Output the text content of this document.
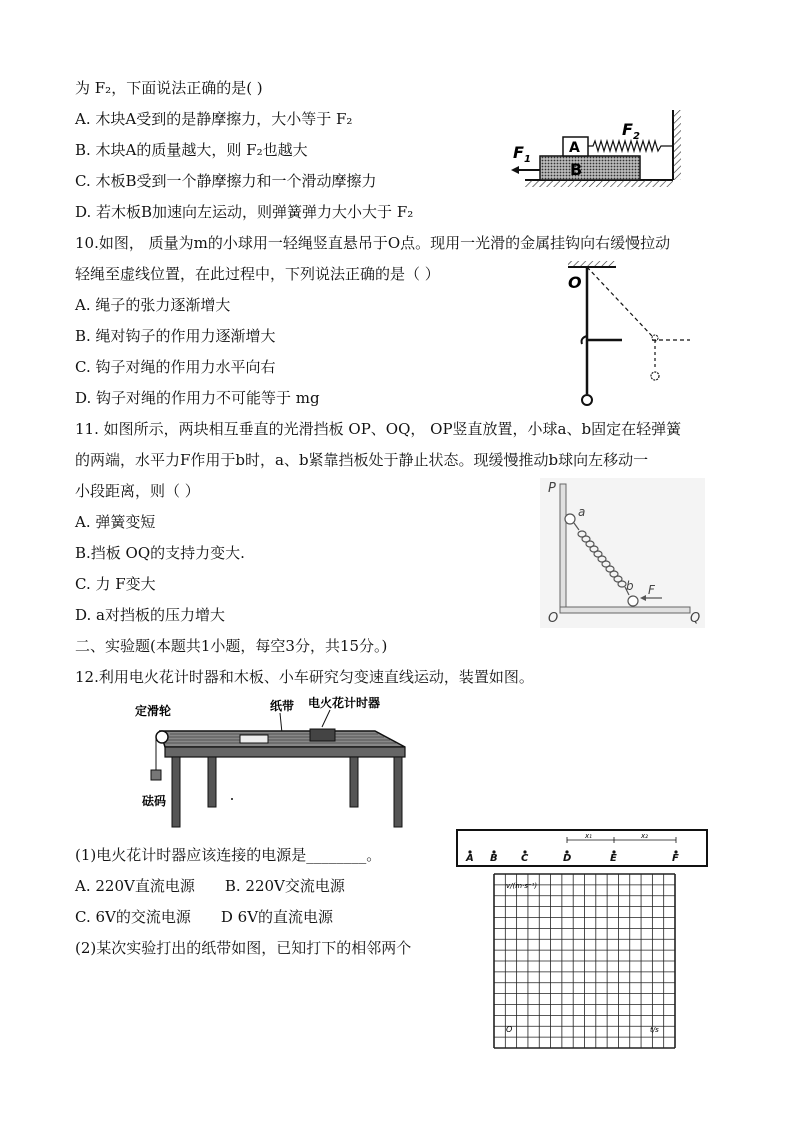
为 F₂，下面说法正确的是( )
A. 木块A受到的是静摩擦力，大小等于 F₂
B. 木块A的质量越大，则 F₂也越大
C. 木板B受到一个静摩擦力和一个滑动摩擦力
D. 若木板B加速向左运动，则弹簧弹力大小大于 F₂
B
A
$F_2$
$F_1$
10.如图， 质量为m的小球用一轻绳竖直悬吊于O点。现用一光滑的金属挂钩向右缓慢拉动
轻绳至虚线位置，在此过程中，下列说法正确的是（ ）
A. 绳子的张力逐渐增大
B. 绳对钩子的作用力逐渐增大
C. 钩子对绳的作用力水平向右
D. 钩子对绳的作用力不可能等于 mg
O
11. 如图所示，两块相互垂直的光滑挡板 OP、OQ， OP竖直放置，小球a、b固定在轻弹簧
的两端，水平力F作用于b时，a、b紧靠挡板处于静止状态。现缓慢推动b球向左移动一
小段距离，则（ ）
A. 弹簧变短
B.挡板 OQ的支持力变大.
C. 力 F变大
D. a对挡板的压力增大
P
O	Q
a
b F
二、实验题(本题共1小题，每空3分，共15分。)
12.利用电火花计时器和木板、小车研究匀变速直线运动，装置如图。
定滑轮	纸带 电火花计时器
砝码
(1)电火花计时器应该连接的电源是________。
A. 220V直流电源 B. 220V交流电源
C. 6V的交流电源 D 6V的直流电源
(2)某次实验打出的纸带如图，已知打下的相邻两个
A B C	D	E	F
x₁	x₂
v/(m·s⁻¹)
t/s
O
